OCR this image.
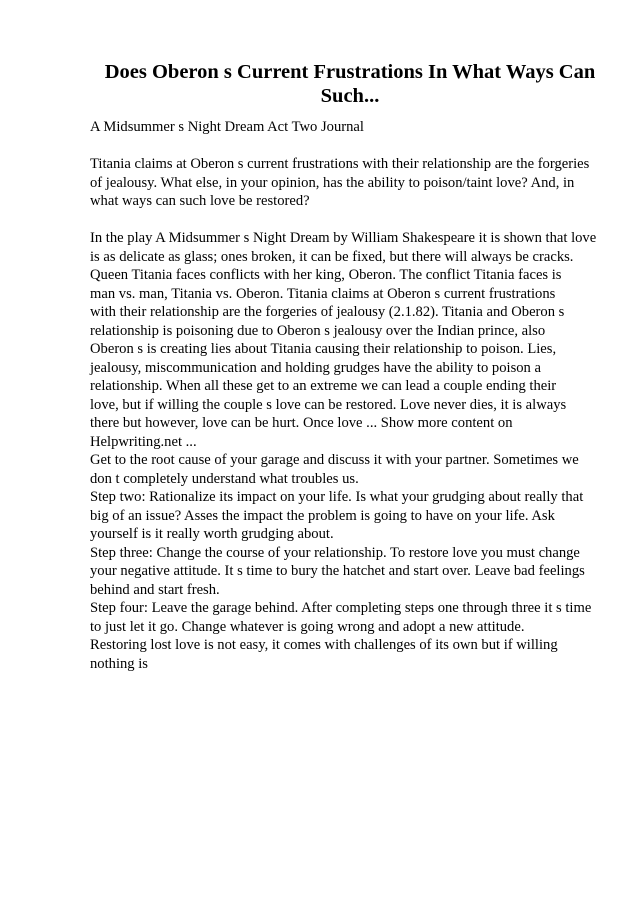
Does Oberon s Current Frustrations In What Ways Can
Such...

A Midsummer s Night Dream Act Two Journal

Titania claims at Oberon s current frustrations with their relationship are the forgeries
of jealousy. What else, in your opinion, has the ability to poison/taint love? And, in
what ways can such love be restored?

In the play A Midsummer s Night Dream by William Shakespeare it is shown that love
is as delicate as glass; ones broken, it can be fixed, but there will always be cracks.
Queen Titania faces conflicts with her king, Oberon. The conflict Titania faces is
man vs. man, Titania vs. Oberon. Titania claims at Oberon s current frustrations
with their relationship are the forgeries of jealousy (2.1.82). Titania and Oberon s
relationship is poisoning due to Oberon s jealousy over the Indian prince, also
Oberon s is creating lies about Titania causing their relationship to poison. Lies,
jealousy, miscommunication and holding grudges have the ability to poison a
relationship. When all these get to an extreme we can lead a couple ending their
love, but if willing the couple s love can be restored. Love never dies, it is always
there but however, love can be hurt. Once love ... Show more content on
Helpwriting.net ...
Get to the root cause of your garage and discuss it with your partner. Sometimes we
don t completely understand what troubles us.
Step two: Rationalize its impact on your life. Is what your grudging about really that
big of an issue? Asses the impact the problem is going to have on your life. Ask
yourself is it really worth grudging about.
Step three: Change the course of your relationship. To restore love you must change
your negative attitude. It s time to bury the hatchet and start over. Leave bad feelings
behind and start fresh.
Step four: Leave the garage behind. After completing steps one through three it s time
to just let it go. Change whatever is going wrong and adopt a new attitude.
Restoring lost love is not easy, it comes with challenges of its own but if willing
nothing is
